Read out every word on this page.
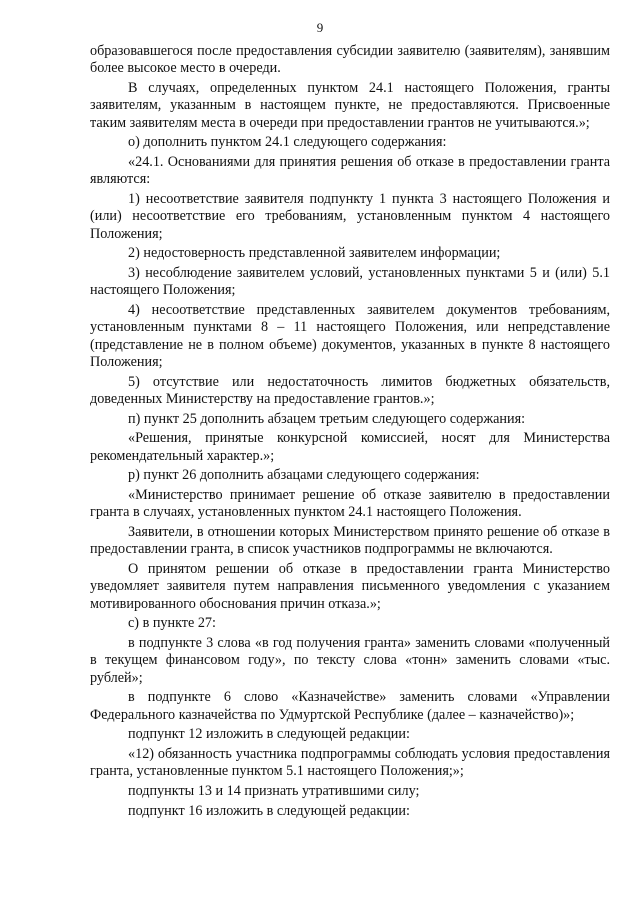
9

образовавшегося после предоставления субсидии заявителю (заявителям), занявшим более высокое место в очереди.

В случаях, определенных пунктом 24.1 настоящего Положения, гранты заявителям, указанным в настоящем пункте, не предоставляются. Присвоенные таким заявителям места в очереди при предоставлении грантов не учитываются.»;

о) дополнить пунктом 24.1 следующего содержания:

«24.1. Основаниями для принятия решения об отказе в предоставлении гранта являются:

1) несоответствие заявителя подпункту 1 пункта 3 настоящего Положения и (или) несоответствие его требованиям, установленным пунктом 4 настоящего Положения;

2) недостоверность представленной заявителем информации;

3) несоблюдение заявителем условий, установленных пунктами 5 и (или) 5.1 настоящего Положения;

4) несоответствие представленных заявителем документов требованиям, установленным пунктами 8 – 11 настоящего Положения, или непредставление (представление не в полном объеме) документов, указанных в пункте 8 настоящего Положения;

5) отсутствие или недостаточность лимитов бюджетных обязательств, доведенных Министерству на предоставление грантов.»;

п) пункт 25 дополнить абзацем третьим следующего содержания:

«Решения, принятые конкурсной комиссией, носят для Министерства рекомендательный характер.»;

р) пункт 26 дополнить абзацами следующего содержания:

«Министерство принимает решение об отказе заявителю в предоставлении гранта в случаях, установленных пунктом 24.1 настоящего Положения.

Заявители, в отношении которых Министерством принято решение об отказе в предоставлении гранта, в список участников подпрограммы не включаются.

О принятом решении об отказе в предоставлении гранта Министерство уведомляет заявителя путем направления письменного уведомления с указанием мотивированного обоснования причин отказа.»;

с) в пункте 27:

в подпункте 3 слова «в год получения гранта» заменить словами «полученный в текущем финансовом году», по тексту слова «тонн» заменить словами «тыс. рублей»;

в подпункте 6 слово «Казначействе» заменить словами «Управлении Федерального казначейства по Удмуртской Республике (далее – казначейство)»;

подпункт 12 изложить в следующей редакции:

«12) обязанность участника подпрограммы соблюдать условия предоставления гранта, установленные пунктом 5.1 настоящего Положения;»;

подпункты 13 и 14 признать утратившими силу;

подпункт 16 изложить в следующей редакции:
